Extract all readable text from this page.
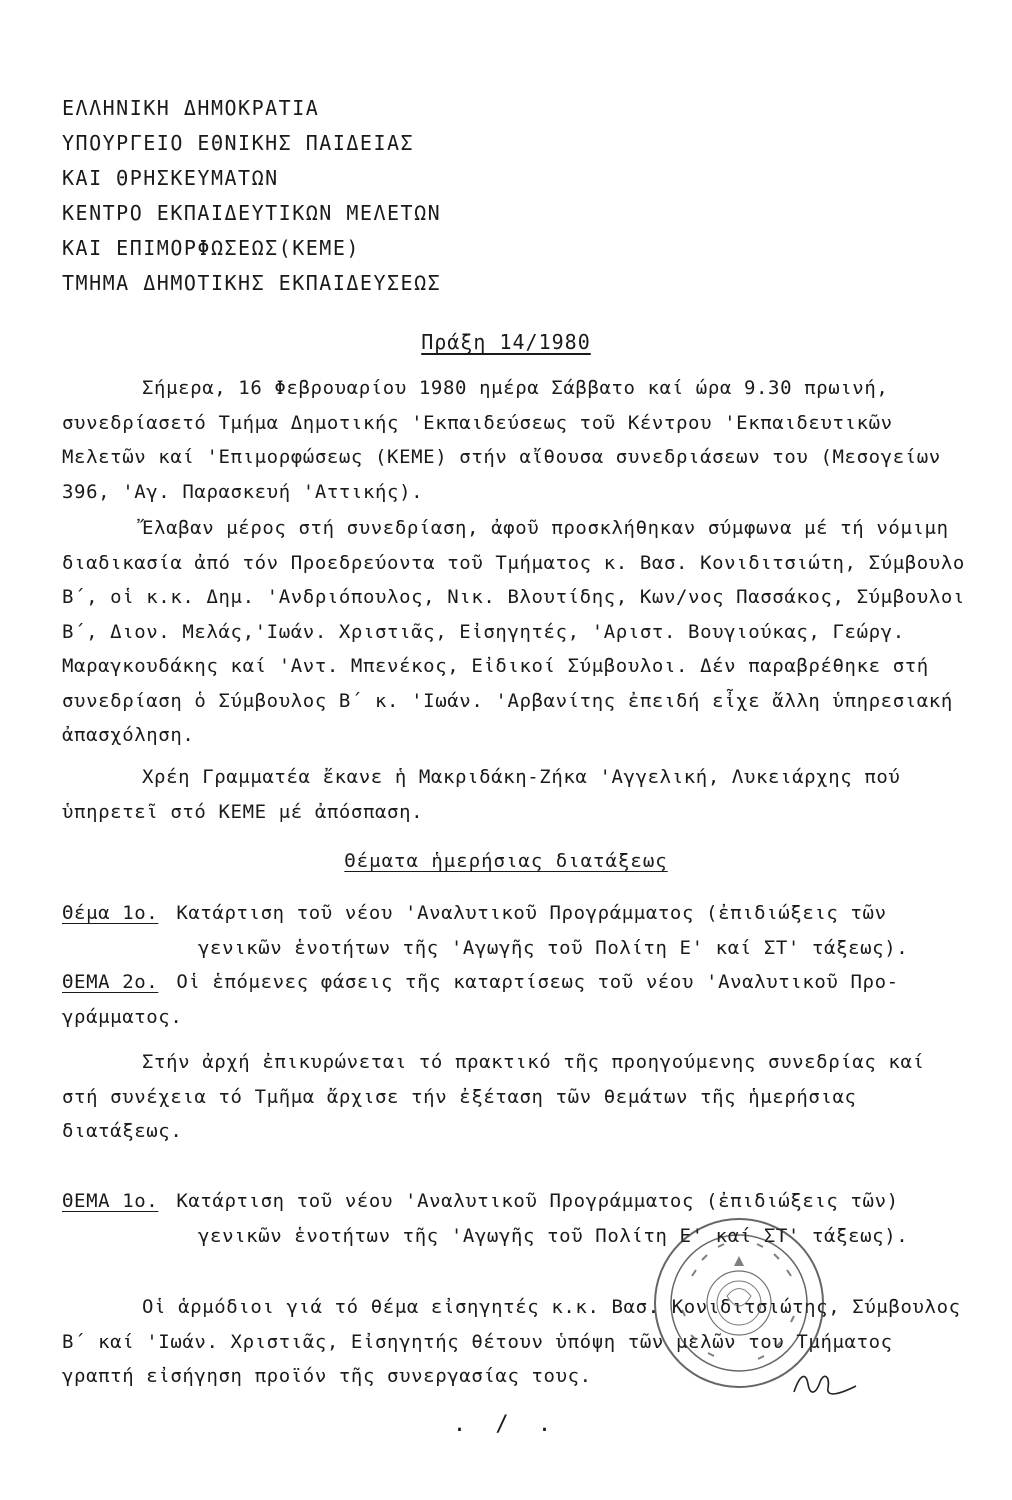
ΕΛΛΗΝΙΚΗ ΔΗΜΟΚΡΑΤΙΑ
ΥΠΟΥΡΓΕΙΟ ΕΘΝΙΚΗΣ ΠΑΙΔΕΙΑΣ
ΚΑΙ ΘΡΗΣΚΕΥΜΑΤΩΝ
ΚΕΝΤΡΟ ΕΚΠΑΙΔΕΥΤΙΚΩΝ ΜΕΛΕΤΩΝ
ΚΑΙ ΕΠΙΜΟΡΦΩΣΕΩΣ(ΚΕΜΕ)
ΤΜΗΜΑ ΔΗΜΟΤΙΚΗΣ ΕΚΠΑΙΔΕΥΣΕΩΣ
Πράξη 14/1980
Σήμερα, 16 Φεβρουαρίου 1980 ημέρα Σάββατο καί ώρα 9.30 πρωινή, συνεδρίασετό Τμήμα Δημοτικής 'Εκπαιδεύσεως τοῦ Κέντρου 'Εκπαιδευτικῶν Μελετῶν καί 'Επιμορφώσεως (ΚΕΜΕ) στήν αἴθουσα συνεδριάσεων του (Μεσογείων 396, 'Αγ. Παρασκευή 'Αττικής).
Ἔλαβαν μέρος στή συνεδρίαση, ἀφοῦ προσκλήθηκαν σύμφωνα μέ τή νόμιμη διαδικασία ἀπό τόν Προεδρεύοντα τοῦ Τμήματος κ. Βασ. Κονιδιτσιώτη, Σύμβουλο Β΄, οἱ κ.κ. Δημ. 'Ανδριόπουλος, Νικ. Βλουτίδης, Κων/νος Πασσάκος, Σύμβουλοι Β΄, Διον. Μελάς,'Ιωάν. Χριστιᾶς, Εἰσηγητές, 'Αριστ. Βουγιούκας, Γεώργ. Μαραγκουδάκης καί 'Αντ. Μπενέκος, Εἰδικοί Σύμβουλοι. Δέν παραβρέθηκε στή συνεδρίαση ὁ Σύμβουλος Β΄ κ. 'Ιωάν. 'Αρβανίτης ἐπειδή εἶχε ἄλλη ὑπηρεσιακή ἀπασχόληση.
Χρέη Γραμματέα ἔκανε ἡ Μακριδάκη-Ζήκα 'Αγγελική, Λυκειάρχης πού ὑπηρετεῖ στό ΚΕΜΕ μέ ἀπόσπαση.
Θέματα ἡμερήσιας διατάξεως
Θέμα 1ο. Κατάρτιση τοῦ νέου 'Αναλυτικοῦ Προγράμματος (ἐπιδιώξεις τῶν
γενικῶν ἑνοτήτων τῆς 'Αγωγῆς τοῦ Πολίτη Ε' καί ΣΤ' τάξεως).
ΘΕΜΑ 2ο. Οἱ ἑπόμενες φάσεις τῆς καταρτίσεως τοῦ νέου 'Αναλυτικοῦ Προ-
γράμματος.
Στήν ἀρχή ἐπικυρώνεται τό πρακτικό τῆς προηγούμενης συνεδρίας καί στή συνέχεια τό Τμῆμα ἄρχισε τήν ἐξέταση τῶν θεμάτων τῆς ἡμερήσιας διατάξεως.
ΘΕΜΑ 1ο. Κατάρτιση τοῦ νέου 'Αναλυτικοῦ Προγράμματος (ἐπιδιώξεις τῶν)
γενικῶν ἑνοτήτων τῆς 'Αγωγῆς τοῦ Πολίτη Ε' καί ΣΤ' τάξεως).
Οἱ ἁρμόδιοι γιά τό θέμα εἰσηγητές κ.κ. Βασ. Κονιδιτσιώτης, Σύμβουλος Β΄ καί 'Ιωάν. Χριστιᾶς, Εἰσηγητής θέτουν ὑπόψη τῶν μελῶν του Τμήματος γραπτή εἰσήγηση προϊόν τῆς συνεργασίας τους.
. / .
